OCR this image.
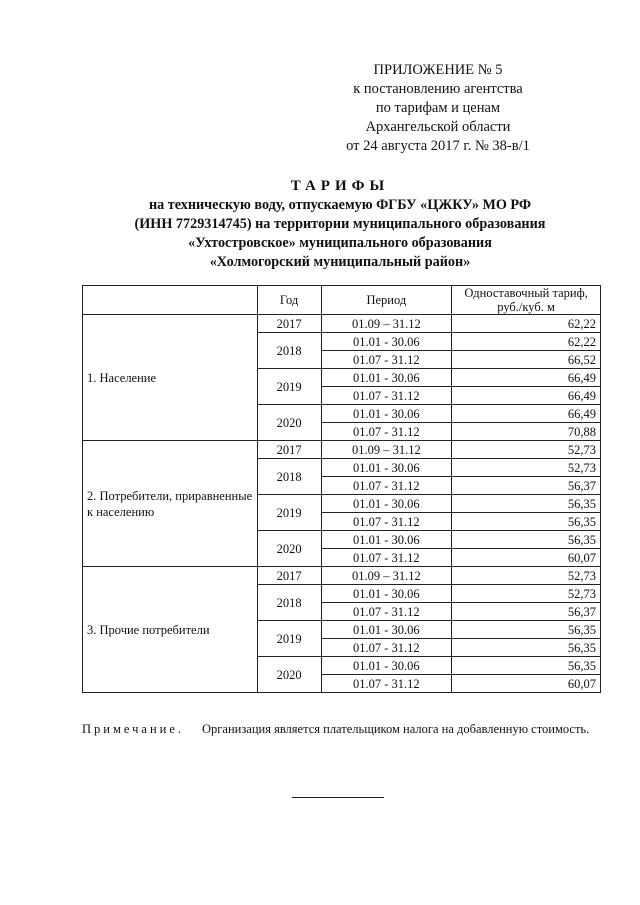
ПРИЛОЖЕНИЕ № 5
к постановлению агентства
по тарифам и ценам
Архангельской области
от 24 августа 2017 г. № 38-в/1
ТАРИФЫ
на техническую воду, отпускаемую ФГБУ «ЦЖКУ» МО РФ
(ИНН 7729314745) на территории муниципального образования
«Ухтостровское» муниципального образования
«Холмогорский муниципальный район»
	Год	Период	Одноставочный тариф, руб./куб. м
1. Население	2017	01.09 – 31.12	62,22
	2018	01.01 - 30.06	62,22
		01.07 - 31.12	66,52
	2019	01.01 - 30.06	66,49
		01.07 - 31.12	66,49
	2020	01.01 - 30.06	66,49
		01.07 - 31.12	70,88
2. Потребители, приравненные к населению	2017	01.09 – 31.12	52,73
	2018	01.01 - 30.06	52,73
		01.07 - 31.12	56,37
	2019	01.01 - 30.06	56,35
		01.07 - 31.12	56,35
	2020	01.01 - 30.06	56,35
		01.07 - 31.12	60,07
3. Прочие потребители	2017	01.09 – 31.12	52,73
	2018	01.01 - 30.06	52,73
		01.07 - 31.12	56,37
	2019	01.01 - 30.06	56,35
		01.07 - 31.12	56,35
	2020	01.01 - 30.06	56,35
		01.07 - 31.12	60,07
Примечание.	Организация является плательщиком налога на добавленную стоимость.
